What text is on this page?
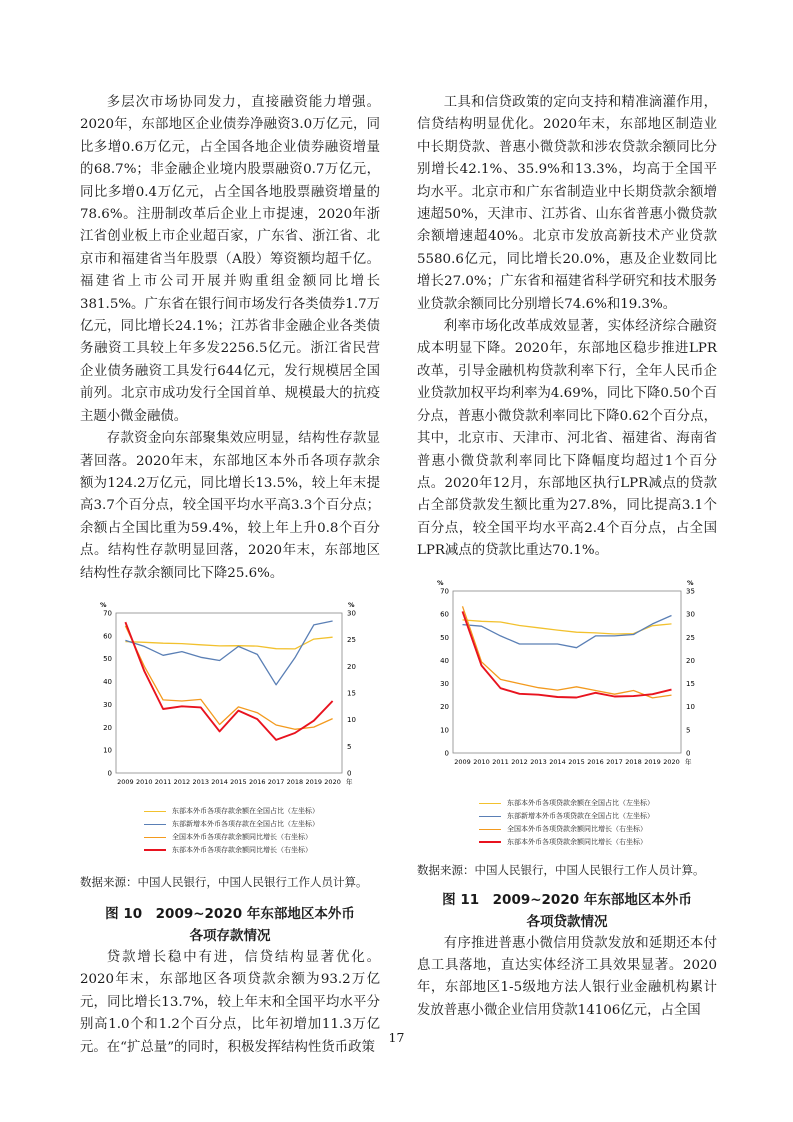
多层次市场协同发力，直接融资能力增强。2020年，东部地区企业债券净融资3.0万亿元，同比多增0.6万亿元，占全国各地企业债券融资增量的68.7%；非金融企业境内股票融资0.7万亿元，同比多增0.4万亿元，占全国各地股票融资增量的78.6%。注册制改革后企业上市提速，2020年浙江省创业板上市企业超百家，广东省、浙江省、北京市和福建省当年股票（A股）筹资额均超千亿。福建省上市公司开展并购重组金额同比增长381.5%。广东省在银行间市场发行各类债券1.7万亿元，同比增长24.1%；江苏省非金融企业各类债务融资工具较上年多发2256.5亿元。浙江省民营企业债务融资工具发行644亿元，发行规模居全国前列。北京市成功发行全国首单、规模最大的抗疫主题小微金融债。

存款资金向东部聚集效应明显，结构性存款显著回落。2020年末，东部地区本外币各项存款余额为124.2万亿元，同比增长13.5%，较上年末提高3.7个百分点，较全国平均水平高3.3个百分点；余额占全国比重为59.4%，较上年上升0.8个百分点。结构性存款明显回落，2020年末，东部地区结构性存款余额同比下降25.6%。

%	%
0
10
20
30
40
50
60
70
0
5
10
15
20
25
30
2009 2010 2011 2012 2013 2014 2015 2016 2017 2018 2019 2020 年
东部本外币各项存款余额在全国占比（左坐标）
东部新增本外币各项存款在全国占比（左坐标）
全国本外币各项存款余额同比增长（右坐标）
东部本外币各项存款余额同比增长（右坐标）

数据来源：中国人民银行，中国人民银行工作人员计算。

图 10　2009~2020 年东部地区本外币

各项存款情况

贷款增长稳中有进，信贷结构显著优化。2020年末，东部地区各项贷款余额为93.2万亿元，同比增长13.7%，较上年末和全国平均水平分别高1.0个和1.2个百分点，比年初增加11.3万亿元。在“扩总量”的同时，积极发挥结构性货币政策

工具和信贷政策的定向支持和精准滴灌作用，信贷结构明显优化。2020年末，东部地区制造业中长期贷款、普惠小微贷款和涉农贷款余额同比分别增长42.1%、35.9%和13.3%，均高于全国平均水平。北京市和广东省制造业中长期贷款余额增速超50%，天津市、江苏省、山东省普惠小微贷款余额增速超40%。北京市发放高新技术产业贷款5580.6亿元，同比增长20.0%，惠及企业数同比增长27.0%；广东省和福建省科学研究和技术服务业贷款余额同比分别增长74.6%和19.3%。

利率市场化改革成效显著，实体经济综合融资成本明显下降。2020年，东部地区稳步推进LPR改革，引导金融机构贷款利率下行，全年人民币企业贷款加权平均利率为4.69%，同比下降0.50个百分点，普惠小微贷款利率同比下降0.62个百分点，其中，北京市、天津市、河北省、福建省、海南省普惠小微贷款利率同比下降幅度均超过1个百分点。2020年12月，东部地区执行LPR减点的贷款占全部贷款发生额比重为27.8%，同比提高3.1个百分点，较全国平均水平高2.4个百分点，占全国LPR减点的贷款比重达70.1%。

%	%
0
10
20
30
40
50
60
70
0
5
10
15
20
25
30
35
2009 2010 2011 2012 2013 2014 2015 2016 2017 2018 2019 2020 年
东部本外币各项贷款余额在全国占比（左坐标）
东部新增本外币各项贷款在全国占比（左坐标）
全国本外币各项贷款余额同比增长（右坐标）
东部本外币各项贷款余额同比增长（右坐标）

数据来源：中国人民银行，中国人民银行工作人员计算。

图 11　2009~2020 年东部地区本外币

各项贷款情况

有序推进普惠小微信用贷款发放和延期还本付息工具落地，直达实体经济工具效果显著。2020年，东部地区1-5级地方法人银行业金融机构累计发放普惠小微企业信用贷款14106亿元，占全国

17
